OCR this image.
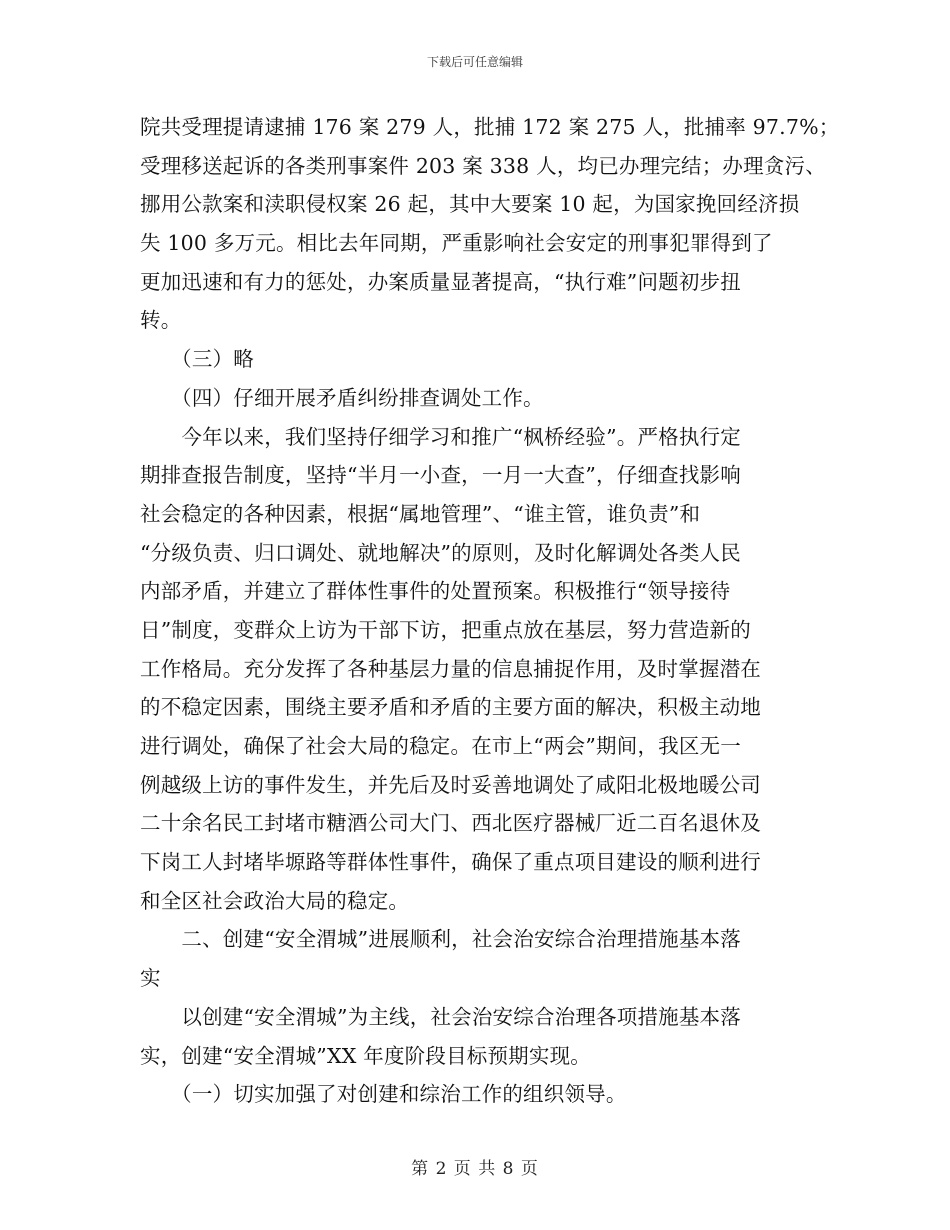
下载后可任意编辑
院共受理提请逮捕 176 案 279 人，批捕 172 案 275 人，批捕率 97.7%；
受理移送起诉的各类刑事案件 203 案 338 人，均已办理完结；办理贪污、
挪用公款案和渎职侵权案 26 起，其中大要案 10 起，为国家挽回经济损
失 100 多万元。相比去年同期，严重影响社会安定的刑事犯罪得到了
更加迅速和有力的惩处，办案质量显著提高，“执行难”问题初步扭
转。
　　（三）略
　　（四）仔细开展矛盾纠纷排查调处工作。
　　今年以来，我们坚持仔细学习和推广“枫桥经验”。严格执行定
期排查报告制度，坚持“半月一小查，一月一大查”，仔细查找影响
社会稳定的各种因素，根据“属地管理”、“谁主管，谁负责”和
“分级负责、归口调处、就地解决”的原则，及时化解调处各类人民
内部矛盾，并建立了群体性事件的处置预案。积极推行“领导接待
日”制度，变群众上访为干部下访，把重点放在基层，努力营造新的
工作格局。充分发挥了各种基层力量的信息捕捉作用，及时掌握潜在
的不稳定因素，围绕主要矛盾和矛盾的主要方面的解决，积极主动地
进行调处，确保了社会大局的稳定。在市上“两会”期间，我区无一
例越级上访的事件发生，并先后及时妥善地调处了咸阳北极地暖公司
二十余名民工封堵市糖酒公司大门、西北医疗器械厂近二百名退休及
下岗工人封堵毕塬路等群体性事件，确保了重点项目建设的顺利进行
和全区社会政治大局的稳定。
　　二、创建“安全渭城”进展顺利，社会治安综合治理措施基本落
实
　　以创建“安全渭城”为主线，社会治安综合治理各项措施基本落
实，创建“安全渭城”XX 年度阶段目标预期实现。
　　（一）切实加强了对创建和综治工作的组织领导。
第 2 页 共 8 页
